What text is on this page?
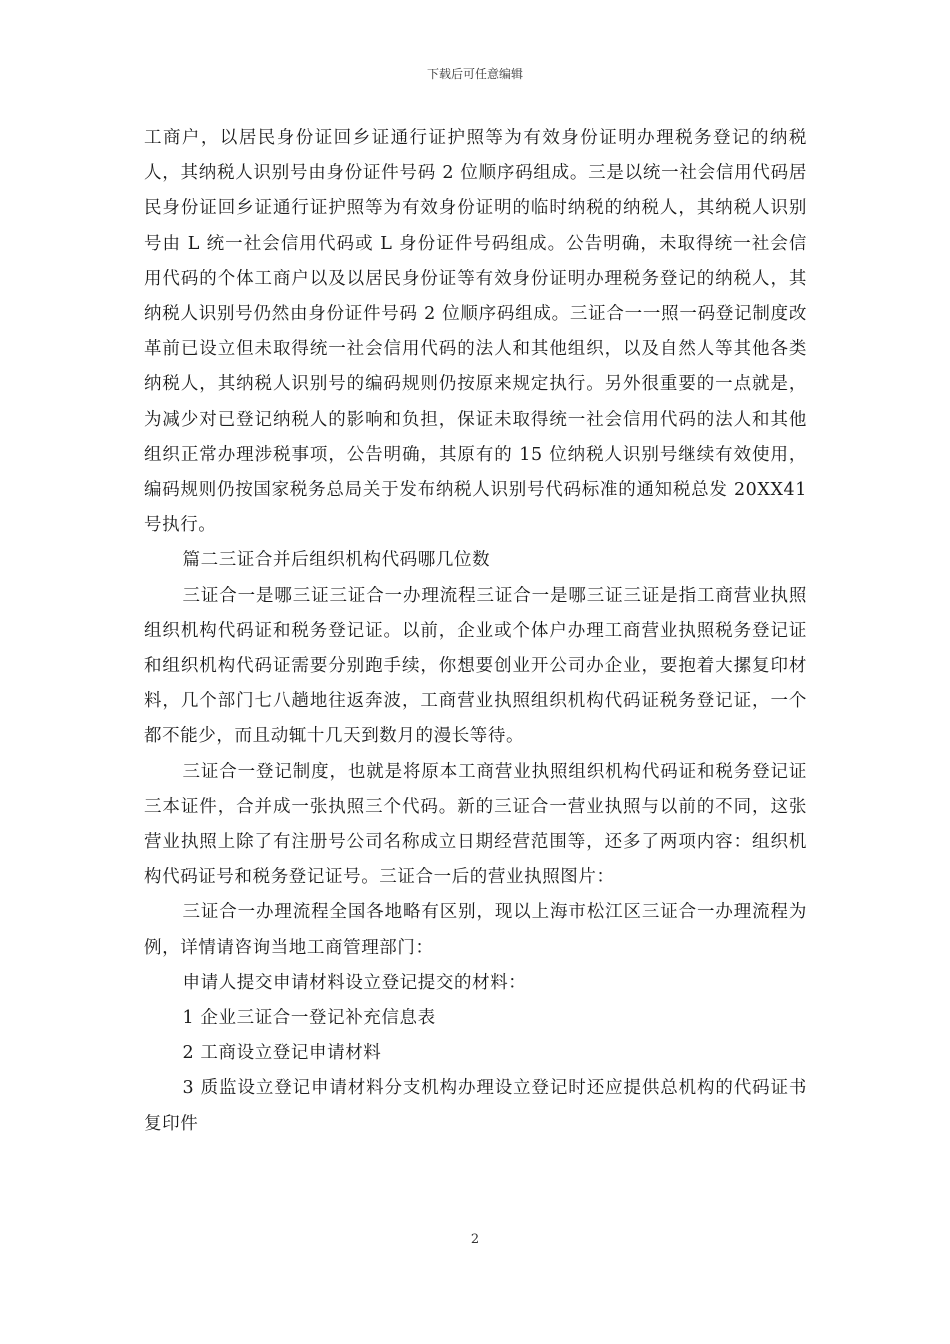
下载后可任意编辑

工商户，以居民身份证回乡证通行证护照等为有效身份证明办理税务登记的纳税人，其纳税人识别号由身份证件号码 2 位顺序码组成。三是以统一社会信用代码居民身份证回乡证通行证护照等为有效身份证明的临时纳税的纳税人，其纳税人识别号由 L 统一社会信用代码或 L 身份证件号码组成。公告明确，未取得统一社会信用代码的个体工商户以及以居民身份证等有效身份证明办理税务登记的纳税人，其纳税人识别号仍然由身份证件号码 2 位顺序码组成。三证合一一照一码登记制度改革前已设立但未取得统一社会信用代码的法人和其他组织，以及自然人等其他各类纳税人，其纳税人识别号的编码规则仍按原来规定执行。另外很重要的一点就是，为减少对已登记纳税人的影响和负担，保证未取得统一社会信用代码的法人和其他组织正常办理涉税事项，公告明确，其原有的 15 位纳税人识别号继续有效使用，编码规则仍按国家税务总局关于发布纳税人识别号代码标准的通知税总发 20XX41 号执行。

篇二三证合并后组织机构代码哪几位数

三证合一是哪三证三证合一办理流程三证合一是哪三证三证是指工商营业执照组织机构代码证和税务登记证。以前，企业或个体户办理工商营业执照税务登记证和组织机构代码证需要分别跑手续，你想要创业开公司办企业，要抱着大摞复印材料，几个部门七八趟地往返奔波，工商营业执照组织机构代码证税务登记证，一个都不能少，而且动辄十几天到数月的漫长等待。

三证合一登记制度，也就是将原本工商营业执照组织机构代码证和税务登记证三本证件，合并成一张执照三个代码。新的三证合一营业执照与以前的不同，这张营业执照上除了有注册号公司名称成立日期经营范围等，还多了两项内容：组织机构代码证号和税务登记证号。三证合一后的营业执照图片：

三证合一办理流程全国各地略有区别，现以上海市松江区三证合一办理流程为例，详情请咨询当地工商管理部门：

申请人提交申请材料设立登记提交的材料：

1 企业三证合一登记补充信息表

2 工商设立登记申请材料

3 质监设立登记申请材料分支机构办理设立登记时还应提供总机构的代码证书复印件

2
